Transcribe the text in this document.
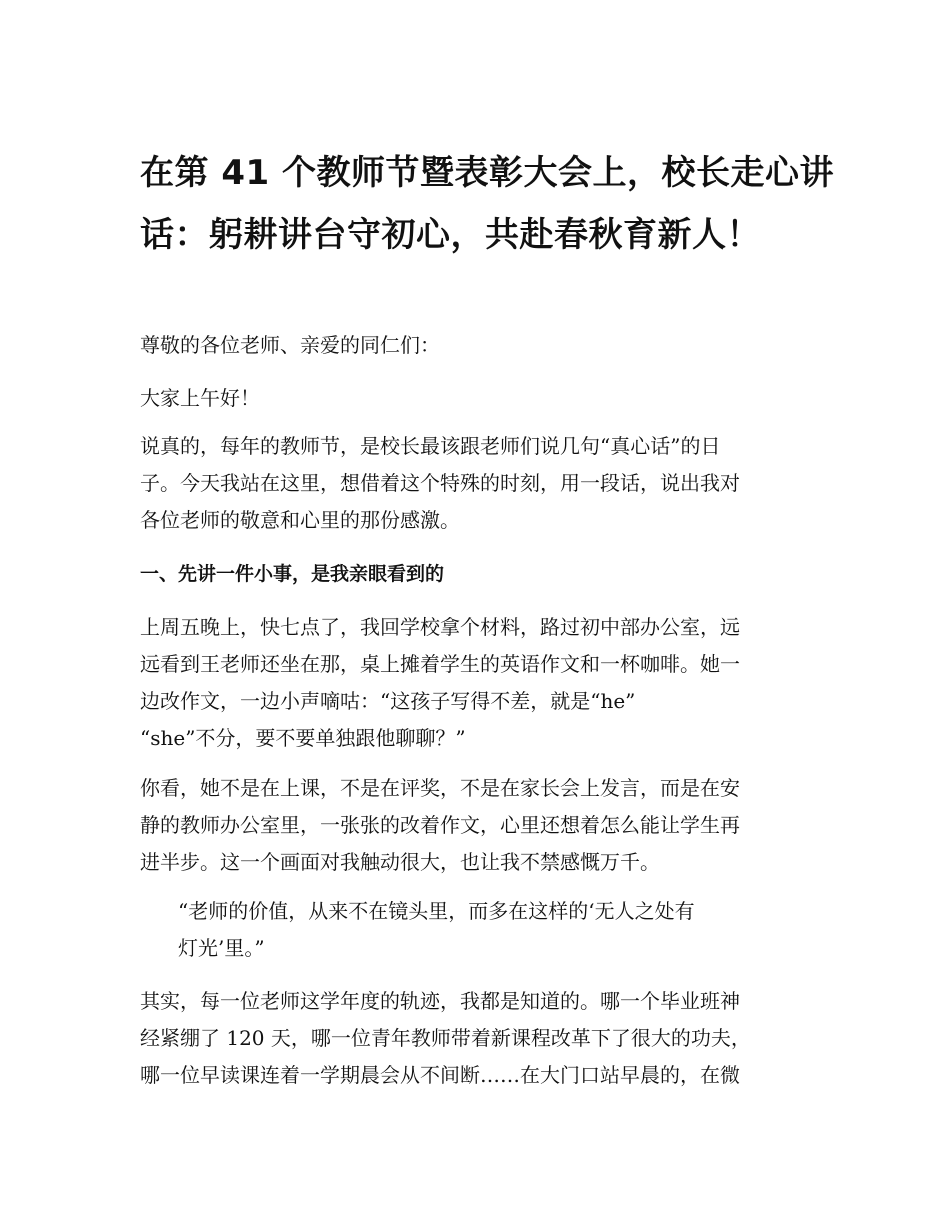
在第 41 个教师节暨表彰大会上，校长走心讲
话：躬耕讲台守初心，共赴春秋育新人！

尊敬的各位老师、亲爱的同仁们：

大家上午好！

说真的，每年的教师节，是校长最该跟老师们说几句“真心话”的日
子。今天我站在这里，想借着这个特殊的时刻，用一段话，说出我对
各位老师的敬意和心里的那份感激。

一、先讲一件小事，是我亲眼看到的

上周五晚上，快七点了，我回学校拿个材料，路过初中部办公室，远
远看到王老师还坐在那，桌上摊着学生的英语作文和一杯咖啡。她一
边改作文，一边小声嘀咕：“这孩子写得不差，就是“he”
“she”不分，要不要单独跟他聊聊？”

你看，她不是在上课，不是在评奖，不是在家长会上发言，而是在安
静的教师办公室里，一张张的改着作文，心里还想着怎么能让学生再
进半步。这一个画面对我触动很大，也让我不禁感慨万千。

“老师的价值，从来不在镜头里，而多在这样的‘无人之处有
灯光’里。”

其实，每一位老师这学年度的轨迹，我都是知道的。哪一个毕业班神
经紧绷了 120 天，哪一位青年教师带着新课程改革下了很大的功夫，
哪一位早读课连着一学期晨会从不间断……在大门口站早晨的，在微
